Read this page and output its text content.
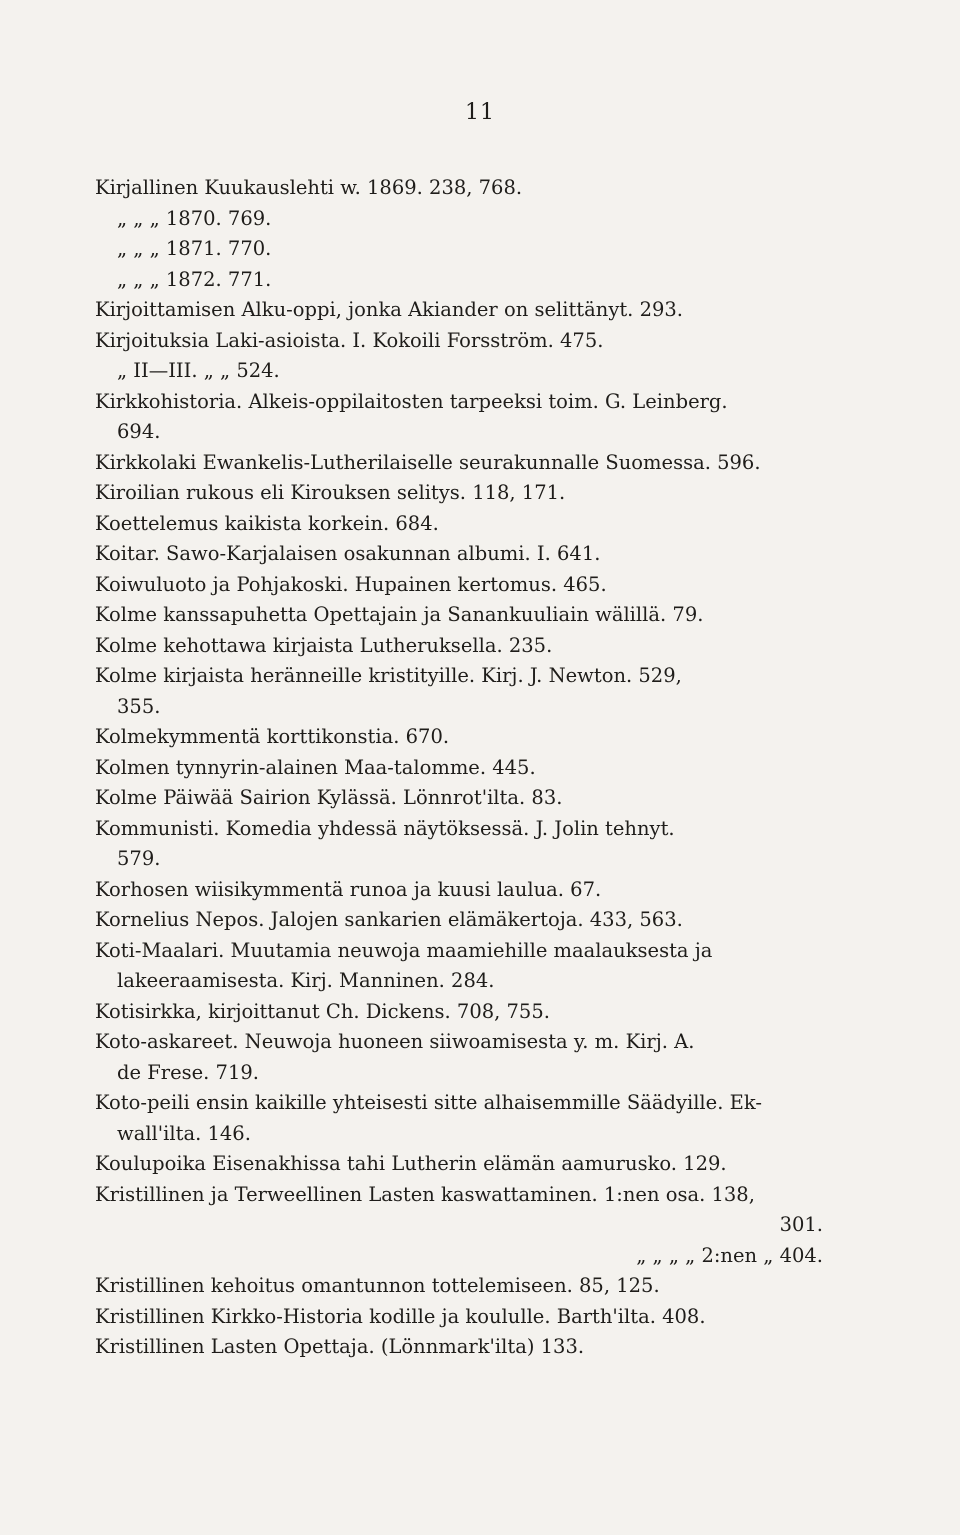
11
Kirjallinen Kuukauslehti w. 1869. 238, 768.
„ „ „ 1870. 769.
„ „ „ 1871. 770.
„ „ „ 1872. 771.
Kirjoittamisen Alku-oppi, jonka Akiander on selittänyt. 293.
Kirjoituksia Laki-asioista. I. Kokoili Forsström. 475.
„ II—III. „ „ 524.
Kirkkohistoria. Alkeis-oppilaitosten tarpeeksi toim. G. Leinberg.
694.
Kirkkolaki Ewankelis-Lutherilaiselle seurakunnalle Suomessa. 596.
Kiroilian rukous eli Kirouksen selitys. 118, 171.
Koettelemus kaikista korkein. 684.
Koitar. Sawo-Karjalaisen osakunnan albumi. I. 641.
Koiwuluoto ja Pohjakoski. Hupainen kertomus. 465.
Kolme kanssapuhetta Opettajain ja Sanankuuliain wälillä. 79.
Kolme kehottawa kirjaista Lutheruksella. 235.
Kolme kirjaista heränneille kristityille. Kirj. J. Newton. 529,
355.
Kolmekymmentä korttikonstia. 670.
Kolmen tynnyrin-alainen Maa-talomme. 445.
Kolme Päiwää Sairion Kylässä. Lönnrot'ilta. 83.
Kommunisti. Komedia yhdessä näytöksessä. J. Jolin tehnyt.
579.
Korhosen wiisikymmentä runoa ja kuusi laulua. 67.
Kornelius Nepos. Jalojen sankarien elämäkertoja. 433, 563.
Koti-Maalari. Muutamia neuwoja maamiehille maalauksesta ja
lakeeraamisesta. Kirj. Manninen. 284.
Kotisirkka, kirjoittanut Ch. Dickens. 708, 755.
Koto-askareet. Neuwoja huoneen siiwoamisesta y. m. Kirj. A.
de Frese. 719.
Koto-peili ensin kaikille yhteisesti sitte alhaisemmille Säädyille. Ek-
wall'ilta. 146.
Koulupoika Eisenakhissa tahi Lutherin elämän aamurusko. 129.
Kristillinen ja Terweellinen Lasten kaswattaminen. 1:nen osa. 138,
301.
„ „ „ „ 2:nen „ 404.
Kristillinen kehoitus omantunnon tottelemiseen. 85, 125.
Kristillinen Kirkko-Historia kodille ja koululle. Barth'ilta. 408.
Kristillinen Lasten Opettaja. (Lönnmark'ilta) 133.
